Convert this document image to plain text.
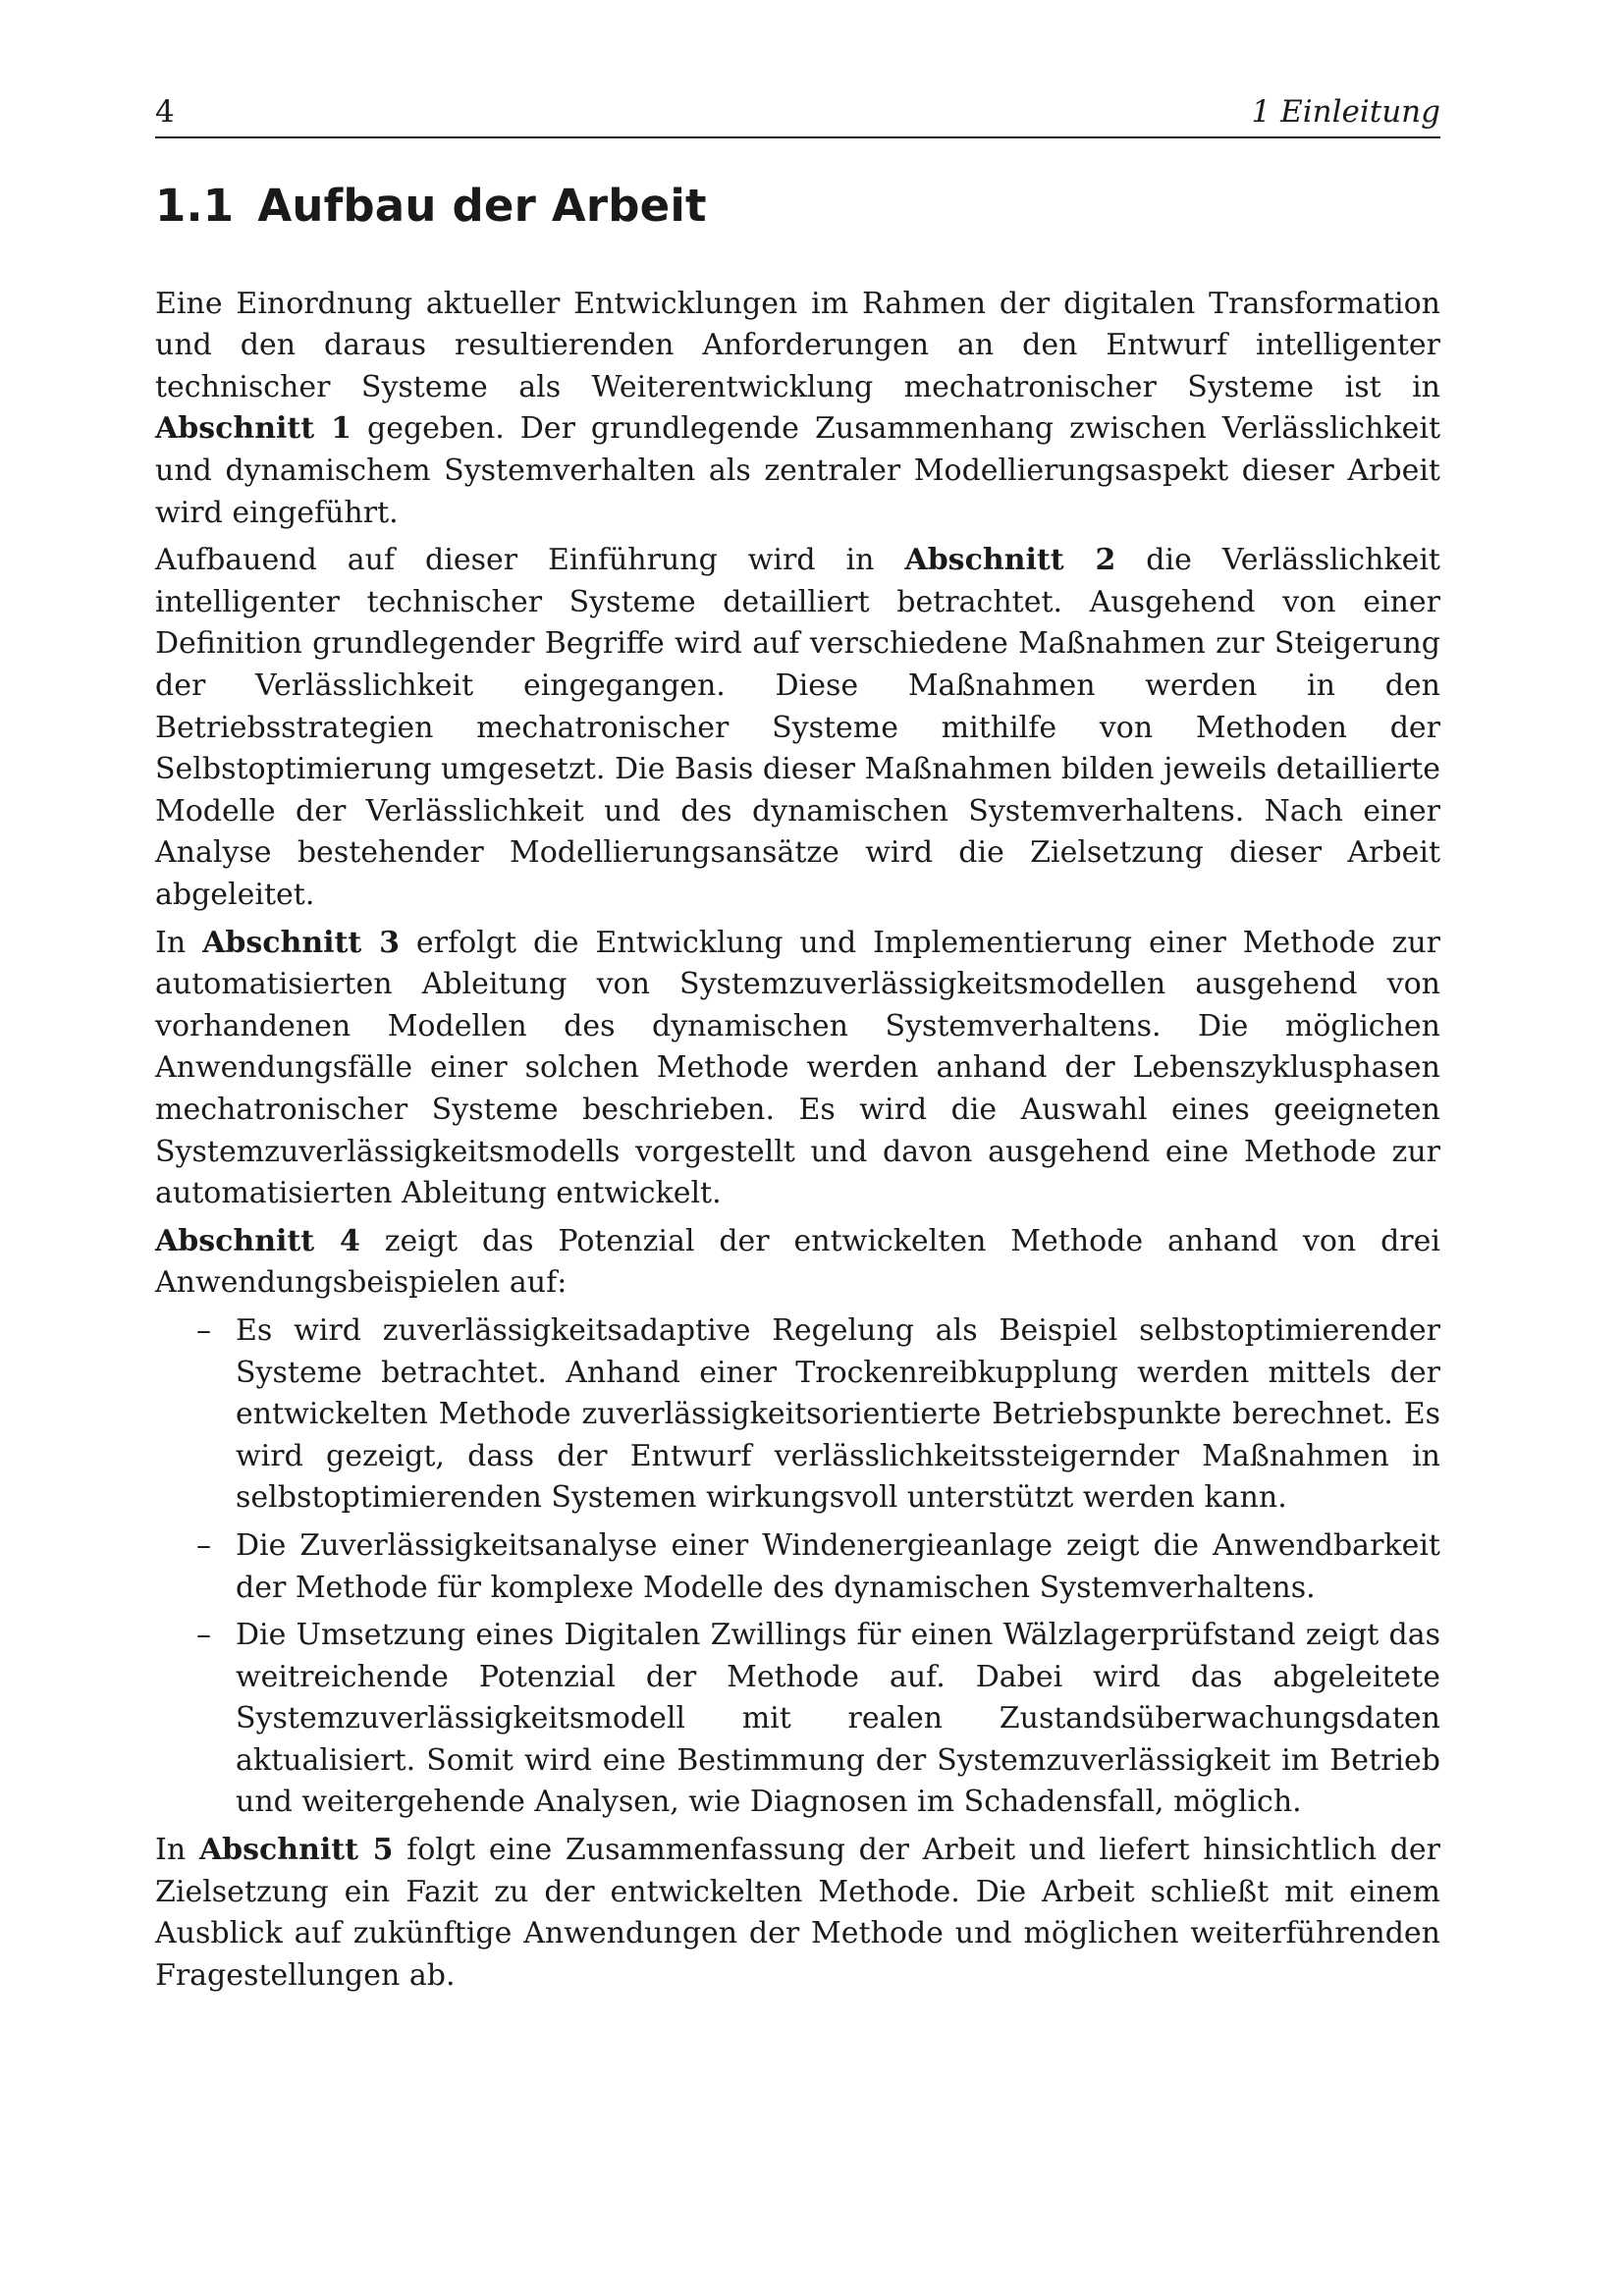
4	1 Einleitung
1.1 Aufbau der Arbeit

Eine Einordnung aktueller Entwicklungen im Rahmen der digitalen Transformation und den daraus resultierenden Anforderungen an den Entwurf intelligenter technischer Systeme als Weiterentwicklung mechatronischer Systeme ist in Abschnitt 1 gegeben. Der grundlegende Zusammenhang zwischen Verlässlichkeit und dynamischem Systemverhalten als zentraler Modellierungsaspekt dieser Arbeit wird eingeführt.

Aufbauend auf dieser Einführung wird in Abschnitt 2 die Verlässlichkeit intelligenter technischer Systeme detailliert betrachtet. Ausgehend von einer Definition grundlegender Begriffe wird auf verschiedene Maßnahmen zur Steigerung der Verlässlichkeit eingegangen. Diese Maßnahmen werden in den Betriebsstrategien mechatronischer Systeme mithilfe von Methoden der Selbstoptimierung umgesetzt. Die Basis dieser Maßnahmen bilden jeweils detaillierte Modelle der Verlässlichkeit und des dynamischen Systemverhaltens. Nach einer Analyse bestehender Modellierungsansätze wird die Zielsetzung dieser Arbeit abgeleitet.

In Abschnitt 3 erfolgt die Entwicklung und Implementierung einer Methode zur automatisierten Ableitung von Systemzuverlässigkeitsmodellen ausgehend von vorhandenen Modellen des dynamischen Systemverhaltens. Die möglichen Anwendungsfälle einer solchen Methode werden anhand der Lebenszyklusphasen mechatronischer Systeme beschrieben. Es wird die Auswahl eines geeigneten Systemzuverlässigkeitsmodells vorgestellt und davon ausgehend eine Methode zur automatisierten Ableitung entwickelt.

Abschnitt 4 zeigt das Potenzial der entwickelten Methode anhand von drei Anwendungsbeispielen auf:

– Es wird zuverlässigkeitsadaptive Regelung als Beispiel selbstoptimierender Systeme betrachtet. Anhand einer Trockenreibkupplung werden mittels der entwickelten Methode zuverlässigkeitsorientierte Betriebspunkte berechnet. Es wird gezeigt, dass der Entwurf verlässlichkeitssteigernder Maßnahmen in selbstoptimierenden Systemen wirkungsvoll unterstützt werden kann.
– Die Zuverlässigkeitsanalyse einer Windenergieanlage zeigt die Anwendbarkeit der Methode für komplexe Modelle des dynamischen Systemverhaltens.
– Die Umsetzung eines Digitalen Zwillings für einen Wälzlagerprüfstand zeigt das weitreichende Potenzial der Methode auf. Dabei wird das abgeleitete Systemzuverlässigkeitsmodell mit realen Zustandsüberwachungsdaten aktualisiert. Somit wird eine Bestimmung der Systemzuverlässigkeit im Betrieb und weitergehende Analysen, wie Diagnosen im Schadensfall, möglich.

In Abschnitt 5 folgt eine Zusammenfassung der Arbeit und liefert hinsichtlich der Zielsetzung ein Fazit zu der entwickelten Methode. Die Arbeit schließt mit einem Ausblick auf zukünftige Anwendungen der Methode und möglichen weiterführenden Fragestellungen ab.
